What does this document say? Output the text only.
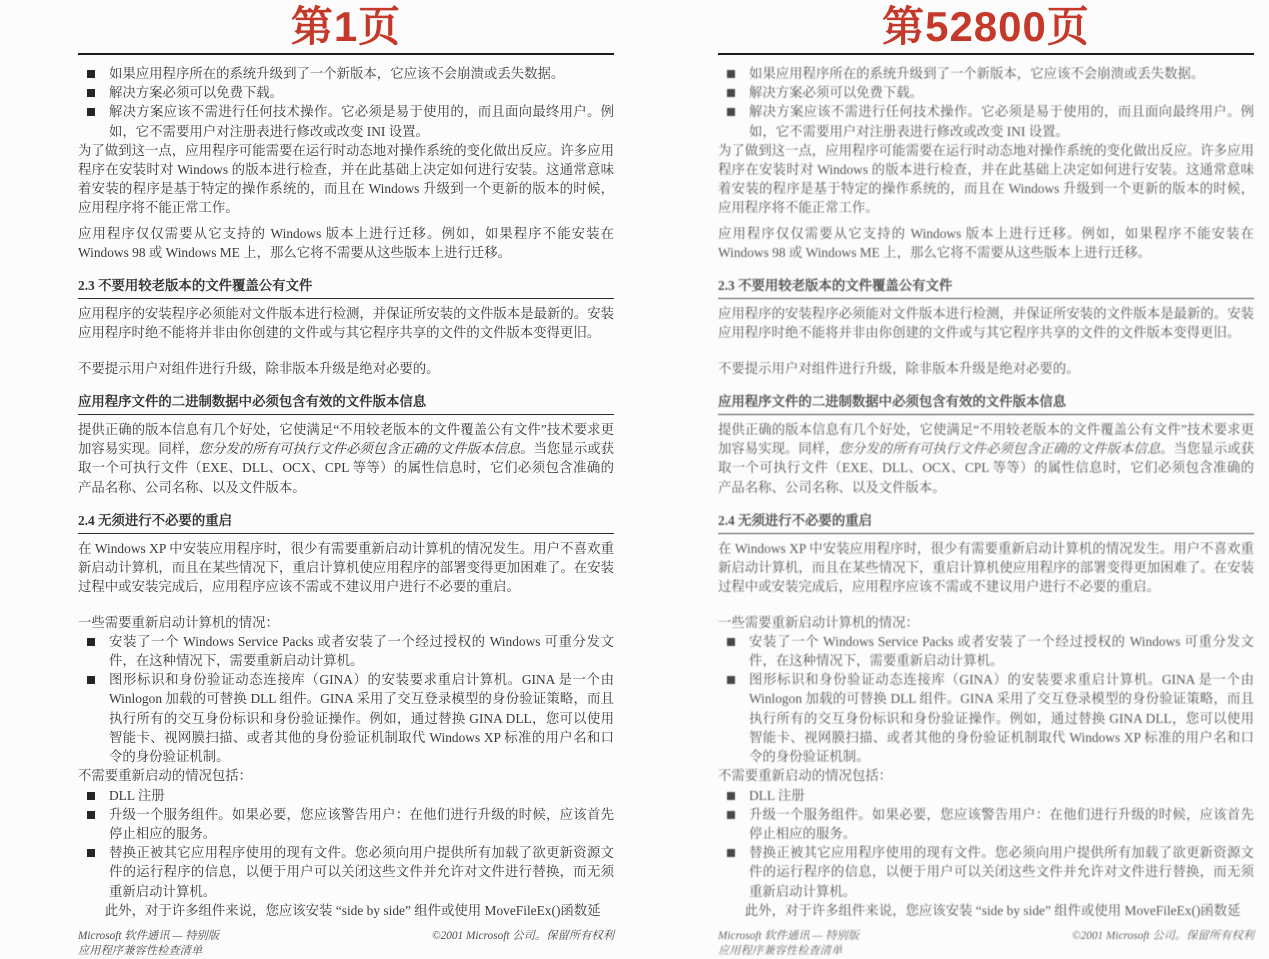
第1页
如果应用程序所在的系统升级到了一个新版本，它应该不会崩溃或丢失数据。
解决方案必须可以免费下载。
解决方案应该不需进行任何技术操作。它必须是易于使用的，而且面向最终用户。例如，它不需要用户对注册表进行修改或改变 INI 设置。

为了做到这一点，应用程序可能需要在运行时动态地对操作系统的变化做出反应。许多应用程序在安装时对 Windows 的版本进行检查，并在此基础上决定如何进行安装。这通常意味着安装的程序是基于特定的操作系统的，而且在 Windows 升级到一个更新的版本的时候，应用程序将不能正常工作。

应用程序仅仅需要从它支持的 Windows 版本上进行迁移。例如，如果程序不能安装在 Windows 98 或 Windows ME 上，那么它将不需要从这些版本上进行迁移。

2.3 不要用较老版本的文件覆盖公有文件

应用程序的安装程序必须能对文件版本进行检测，并保证所安装的文件版本是最新的。安装应用程序时绝不能将并非由你创建的文件或与其它程序共享的文件的文件版本变得更旧。

不要提示用户对组件进行升级，除非版本升级是绝对必要的。

应用程序文件的二进制数据中必须包含有效的文件版本信息

提供正确的版本信息有几个好处，它使满足“不用较老版本的文件覆盖公有文件”技术要求更加容易实现。同样，您分发的所有可执行文件必须包含正确的文件版本信息。当您显示或获取一个可执行文件（EXE、DLL、OCX、CPL 等等）的属性信息时，它们必须包含准确的产品名称、公司名称、以及文件版本。

2.4 无须进行不必要的重启

在 Windows XP 中安装应用程序时，很少有需要重新启动计算机的情况发生。用户不喜欢重新启动计算机，而且在某些情况下，重启计算机使应用程序的部署变得更加困难了。在安装过程中或安装完成后，应用程序应该不需或不建议用户进行不必要的重启。

一些需要重新启动计算机的情况：

安装了一个 Windows Service Packs 或者安装了一个经过授权的 Windows 可重分发文件，在这种情况下，需要重新启动计算机。
图形标识和身份验证动态连接库（GINA）的安装要求重启计算机。GINA 是一个由 Winlogon 加载的可替换 DLL 组件。GINA 采用了交互登录模型的身份验证策略，而且执行所有的交互身份标识和身份验证操作。例如，通过替换 GINA DLL，您可以使用智能卡、视网膜扫描、或者其他的身份验证机制取代 Windows XP 标准的用户名和口令的身份验证机制。

不需要重新启动的情况包括：

DLL 注册
升级一个服务组件。如果必要，您应该警告用户：在他们进行升级的时候，应该首先停止相应的服务。
替换正被其它应用程序使用的现有文件。您必须向用户提供所有加载了欲更新资源文件的运行程序的信息，以便于用户可以关闭这些文件并允许对文件进行替换，而无须重新启动计算机。

此外，对于许多组件来说，您应该安装 “side by side” 组件或使用 MoveFileEx()函数延

Microsoft 软件通讯 — 特别版
应用程序兼容性检查清单
©2001 Microsoft 公司。保留所有权利
第52800页
如果应用程序所在的系统升级到了一个新版本，它应该不会崩溃或丢失数据。
解决方案必须可以免费下载。
解决方案应该不需进行任何技术操作。它必须是易于使用的，而且面向最终用户。例如，它不需要用户对注册表进行修改或改变 INI 设置。

为了做到这一点，应用程序可能需要在运行时动态地对操作系统的变化做出反应。许多应用程序在安装时对 Windows 的版本进行检查，并在此基础上决定如何进行安装。这通常意味着安装的程序是基于特定的操作系统的，而且在 Windows 升级到一个更新的版本的时候，应用程序将不能正常工作。

应用程序仅仅需要从它支持的 Windows 版本上进行迁移。例如，如果程序不能安装在 Windows 98 或 Windows ME 上，那么它将不需要从这些版本上进行迁移。

2.3 不要用较老版本的文件覆盖公有文件

应用程序的安装程序必须能对文件版本进行检测，并保证所安装的文件版本是最新的。安装应用程序时绝不能将并非由你创建的文件或与其它程序共享的文件的文件版本变得更旧。

不要提示用户对组件进行升级，除非版本升级是绝对必要的。

应用程序文件的二进制数据中必须包含有效的文件版本信息

提供正确的版本信息有几个好处，它使满足“不用较老版本的文件覆盖公有文件”技术要求更加容易实现。同样，您分发的所有可执行文件必须包含正确的文件版本信息。当您显示或获取一个可执行文件（EXE、DLL、OCX、CPL 等等）的属性信息时，它们必须包含准确的产品名称、公司名称、以及文件版本。

2.4 无须进行不必要的重启

在 Windows XP 中安装应用程序时，很少有需要重新启动计算机的情况发生。用户不喜欢重新启动计算机，而且在某些情况下，重启计算机使应用程序的部署变得更加困难了。在安装过程中或安装完成后，应用程序应该不需或不建议用户进行不必要的重启。

一些需要重新启动计算机的情况：

安装了一个 Windows Service Packs 或者安装了一个经过授权的 Windows 可重分发文件，在这种情况下，需要重新启动计算机。
图形标识和身份验证动态连接库（GINA）的安装要求重启计算机。GINA 是一个由 Winlogon 加载的可替换 DLL 组件。GINA 采用了交互登录模型的身份验证策略，而且执行所有的交互身份标识和身份验证操作。例如，通过替换 GINA DLL，您可以使用智能卡、视网膜扫描、或者其他的身份验证机制取代 Windows XP 标准的用户名和口令的身份验证机制。

不需要重新启动的情况包括：

DLL 注册
升级一个服务组件。如果必要，您应该警告用户：在他们进行升级的时候，应该首先停止相应的服务。
替换正被其它应用程序使用的现有文件。您必须向用户提供所有加载了欲更新资源文件的运行程序的信息，以便于用户可以关闭这些文件并允许对文件进行替换，而无须重新启动计算机。

此外，对于许多组件来说，您应该安装 “side by side” 组件或使用 MoveFileEx()函数延

Microsoft 软件通讯 — 特别版
应用程序兼容性检查清单
©2001 Microsoft 公司。保留所有权利
